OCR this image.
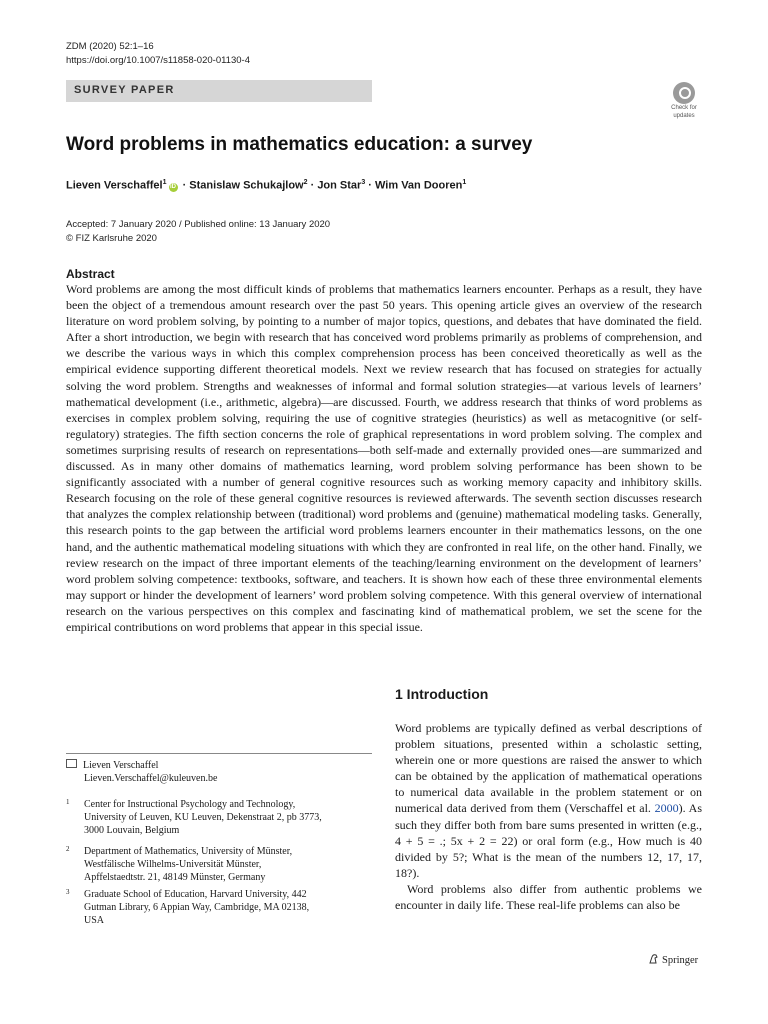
ZDM (2020) 52:1–16
https://doi.org/10.1007/s11858-020-01130-4
SURVEY PAPER
Check for
updates
Word problems in mathematics education: a survey
Lieven Verschaffel$^1$iD · Stanislaw Schukajlow$^2$ · Jon Star$^3$ · Wim Van Dooren$^1$
Accepted: 7 January 2020 / Published online: 13 January 2020
© FIZ Karlsruhe 2020
Abstract
Word problems are among the most difficult kinds of problems that mathematics learners encounter. Perhaps as a result, they have been the object of a tremendous amount research over the past 50 years. This opening article gives an overview of the research literature on word problem solving, by pointing to a number of major topics, questions, and debates that have dominated the field. After a short introduction, we begin with research that has conceived word problems primarily as problems of comprehension, and we describe the various ways in which this complex comprehension process has been conceived theoretically as well as the empirical evidence supporting different theoretical models. Next we review research that has focused on strategies for actually solving the word problem. Strengths and weaknesses of informal and formal solution strategies—at various levels of learners’ mathematical development (i.e., arithmetic, algebra)—are discussed. Fourth, we address research that thinks of word problems as exercises in complex problem solving, requiring the use of cognitive strategies (heuristics) as well as metacognitive (or self-regulatory) strategies. The fifth section concerns the role of graphical representations in word problem solving. The complex and sometimes surprising results of research on representations—both self-made and externally provided ones—are summarized and discussed. As in many other domains of mathematics learning, word problem solving performance has been shown to be significantly associated with a number of general cognitive resources such as working memory capacity and inhibitory skills. Research focusing on the role of these general cognitive resources is reviewed afterwards. The seventh section discusses research that analyzes the complex relationship between (traditional) word problems and (genuine) mathematical modeling tasks. Generally, this research points to the gap between the artificial word problems learners encounter in their mathematics lessons, on the one hand, and the authentic mathematical modeling situations with which they are confronted in real life, on the other hand. Finally, we review research on the impact of three important elements of the teaching/learning environment on the development of learners’ word problem solving competence: textbooks, software, and teachers. It is shown how each of these three environmental elements may support or hinder the development of learners’ word problem solving competence. With this general overview of international research on the various perspectives on this complex and fascinating kind of mathematical problem, we set the scene for the empirical contributions on word problems that appear in this special issue.
1 Introduction

Word problems are typically defined as verbal descriptions of problem situations, presented within a scholastic setting, wherein one or more questions are raised the answer to which can be obtained by the application of mathematical operations to numerical data available in the problem statement or on numerical data derived from them (Verschaffel et al. 2000). As such they differ both from bare sums presented in written (e.g., 4 + 5 = .; 5x + 2 = 22) or oral form (e.g., How much is 40 divided by 5?; What is the mean of the numbers 12, 17, 17, 18?).

Word problems also differ from authentic problems we encounter in daily life. These real-life problems can also be

Lieven Verschaffel
Lieven.Verschaffel@kuleuven.be
1	Center for Instructional Psychology and Technology,
University of Leuven, KU Leuven, Dekenstraat 2, pb 3773,
3000 Louvain, Belgium
2	Department of Mathematics, University of Münster,
Westfälische Wilhelms-Universität Münster,
Apffelstaedtstr. 21, 48149 Münster, Germany
3	Graduate School of Education, Harvard University, 442
Gutman Library, 6 Appian Way, Cambridge, MA 02138,
USA
Springer
